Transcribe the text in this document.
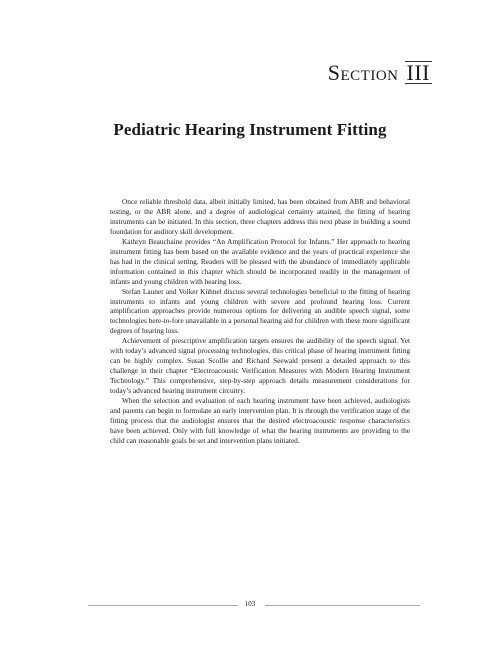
Section III
Pediatric Hearing Instrument Fitting

Once reliable threshold data, albeit initially limited, has been obtained from ABR and behavioral testing, or the ABR alone, and a degree of audiological certainty attained, the fitting of hearing instruments can be initiated. In this section, three chapters address this next phase in building a sound foundation for auditory skill development.

Kathryn Beauchaine provides “An Amplification Protocol for Infants.” Her approach to hearing instrument fitting has been based on the available evidence and the years of practical experience she has had in the clinical setting. Readers will be pleased with the abundance of immediately applicable information contained in this chapter which should be incorporated readily in the management of infants and young children with hearing loss.

Stefan Launer and Volker Kühnel discuss several technologies beneficial to the fitting of hearing instruments to infants and young children with severe and profound hearing loss. Current amplification approaches provide numerous options for delivering an audible speech signal, some technologies here-to-fore unavailable in a personal hearing aid for children with these more significant degrees of hearing loss.

Achievement of prescriptive amplification targets ensures the audibility of the speech signal. Yet with today’s advanced signal processing technologies, this critical phase of hearing instrument fitting can be highly complex. Susan Scollie and Richard Seewald present a detailed approach to this challenge in their chapter “Electroacoustic Verification Measures with Modern Hearing Instrument Technology.” This comprehensive, step-by-step approach details measurement considerations for today’s advanced hearing instrument circuitry.

When the selection and evaluation of each hearing instrument have been achieved, audiologists and parents can begin to formulate an early intervention plan. It is through the verification stage of the fitting process that the audiologist ensures that the desired electroacoustic response characteristics have been achieved. Only with full knowledge of what the hearing instruments are providing to the child can reasonable goals be set and intervention plans initiated.

103
